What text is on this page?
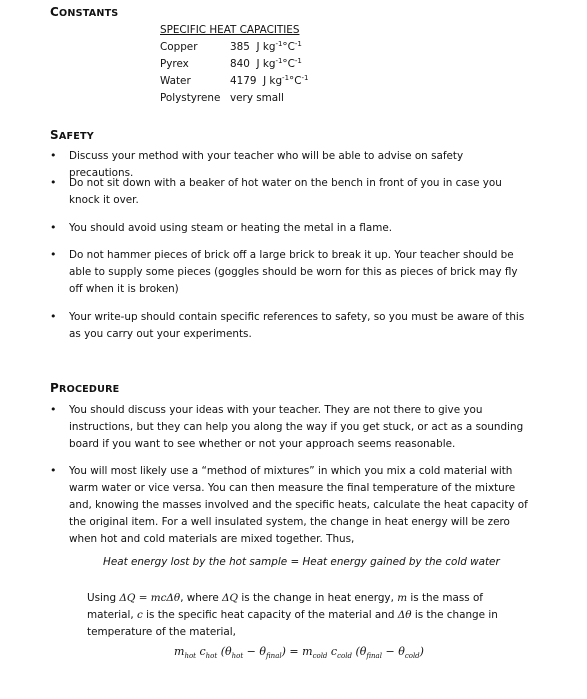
CONSTANTS
SPECIFIC HEAT CAPACITIES
Copper	385 J $kg^{-1}^\circ C^{-1}$
Pyrex	840 J $kg^{-1}^\circ C^{-1}$
Water	4179 J $kg^{-1}^\circ C^{-1}$
Polystyrene very small
SAFETY
• Discuss your method with your teacher who will be able to advise on safety precautions.
• Do not sit down with a beaker of hot water on the bench in front of you in case you knock it over.
• You should avoid using steam or heating the metal in a flame.
• Do not hammer pieces of brick off a large brick to break it up. Your teacher should be able to supply some pieces (goggles should be worn for this as pieces of brick may fly off when it is broken)
• Your write-up should contain specific references to safety, so you must be aware of this as you carry out your experiments.
PROCEDURE
• You should discuss your ideas with your teacher. They are not there to give you instructions, but they can help you along the way if you get stuck, or act as a sounding board if you want to see whether or not your approach seems reasonable.
• You will most likely use a “method of mixtures” in which you mix a cold material with warm water or vice versa. You can then measure the final temperature of the mixture and, knowing the masses involved and the specific heats, calculate the heat capacity of the original item. For a well insulated system, the change in heat energy will be zero when hot and cold materials are mixed together. Thus,
Heat energy lost by the hot sample = Heat energy gained by the cold water
Using ΔQ = mcΔθ, where ΔQ is the change in heat energy, m is the mass of material, c is the specific heat capacity of the material and Δθ is the change in temperature of the material,
$m_{hot}$ $c_{hot}$ $(\theta_{hot} - \theta_{final}) = m_{cold}$ $c_{cold}$ $(\theta_{final} - \theta_{cold})$
